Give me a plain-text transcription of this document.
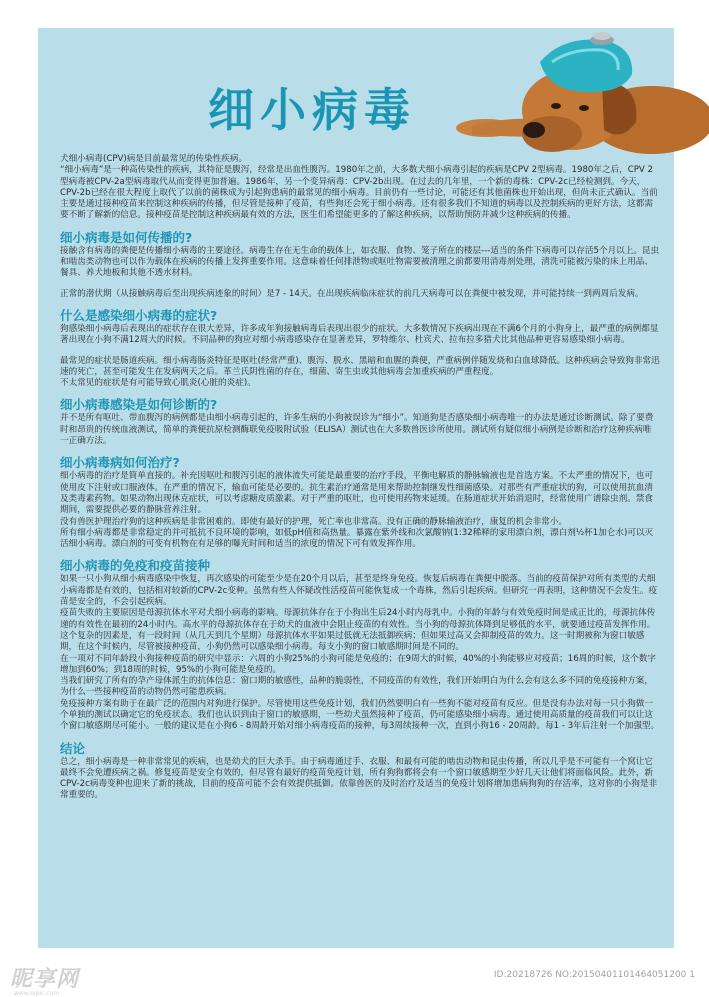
细小病毒

犬细小病毒(CPV)病是目前最常见的传染性疾病。

“细小病毒”是一种高传染性的疾病，其特征是腹泻，经常是出血性腹泻。1980年之前，大多数犬细小病毒引起的疾病是CPV 2型病毒。1980年之后，CPV 2型病毒被CPV-2a型病毒取代从而变得更加普遍。1986年，另一个变异病毒：CPV-2b出现。在过去的几年里，一个新的毒株：CPV-2c已经检测到。今天，CPV-2b已经在很大程度上取代了以前的菌株成为引起狗患病的最常见的细小病毒。目前仍有一些讨论，可能还有其他菌株也开始出现，但尚未正式确认。当前主要是通过接种疫苗来控制这种疾病的传播，但尽管是接种了疫苗，有些狗还会死于细小病毒。还有很多我们不知道的病毒以及控制疾病的更好方法，这都需要不断了解新的信息。接种疫苗是控制这种疾病最有效的方法，医生们希望能更多的了解这种疾病，以帮助预防并减少这种疾病的传播。

细小病毒是如何传播的?

接触含有病毒的粪便是传播细小病毒的主要途径。病毒生存在无生命的载体上，如衣服、食物、笼子所在的楼层---适当的条件下病毒可以存活5个月以上。昆虫和啮齿类动物也可以作为载体在疾病的传播上发挥重要作用。这意味着任何排泄物或呕吐物需要被清理之前都要用消毒剂处理，清洗可能被污染的床上用品、餐具、养犬地板和其他不透水材料。

正常的潜伏期（从接触病毒后至出现疾病迹象的时间）是7 - 14天。在出现疾病临床症状的前几天病毒可以在粪便中被发现，并可能持续一到两周后发病。

什么是感染细小病毒的症状?

狗感染细小病毒后表现出的症状存在很大差异，许多成年狗接触病毒后表现出很少的症状。大多数情况下疾病出现在不满6个月的小狗身上，最严重的病例都显著出现在小狗不满12周大的时候。不同品种的狗应对细小病毒感染存在显著差异，罗特维尔、杜宾犬、拉布拉多猎犬比其他品种更容易感染细小病毒。

最常见的症状是肠道疾病。细小病毒肠炎特征是呕吐(经常严重)、腹泻、脱水、黑暗和血腥的粪便，严重病例伴随发烧和白血球降低。这种疾病会导致狗非常迅速的死亡，甚至可能发生在发病两天之后。革兰氏阴性菌的存在，细菌、寄生虫或其他病毒会加重疾病的严重程度。

不太常见的症状是有可能导致心肌炎(心脏的炎症)。

细小病毒感染是如何诊断的?

并不是所有呕吐、带血腹泻的病例都是由细小病毒引起的，许多生病的小狗被误诊为“细小”。知道狗是否感染细小病毒唯一的办法是通过诊断测试。除了要费时和昂贵的传统血液测试，简单的粪便抗原检测酶联免疫吸附试验（ELISA）测试也在大多数兽医诊所使用。测试所有疑似细小病例是诊断和治疗这种疾病唯一正确方法。

细小病毒病如何治疗?

细小病毒的治疗是简单直接的。补充因呕吐和腹泻引起的液体流失可能是最重要的治疗手段，平衡电解质的静脉输液也是首选方案。不太严重的情况下，也可使用皮下注射或口服液体。在严重的情况下，输血可能是必要的。抗生素治疗通常是用来帮助控制继发性细菌感染。对那些有严重症状的狗，可以使用抗血清及类毒素药物。如果动物出现休克症状，可以考虑糖皮质激素。对于严重的呕吐，也可使用药物来延缓。在肠道症状开始消退时，经常使用广谱除虫剂。禁食期间，需要提供必要的静脉营养注射。

没有兽医护理治疗狗的这种疾病是非常困难的。即使有最好的护理，死亡率也非常高。没有正确的静脉输液治疗，康复的机会非常小。

所有细小病毒都是非常稳定的并可抵抗不良环境的影响，如低pH值和高热量。暴露在紫外线和次氯酸钠(1:32稀释的家用漂白剂，漂白剂½杯1加仑水)可以灭活细小病毒。漂白剂的可变有机物在有足够的曝光时间和适当的浓度的情况下可有效发挥作用。

细小病毒的免疫和疫苗接种

如果一只小狗从细小病毒感染中恢复，再次感染的可能至少是在20个月以后，甚至是终身免疫。恢复后病毒在粪便中脱落。当前的疫苗保护对所有类型的犬细小病毒都是有效的，包括相对较新的CPV-2c变种。虽然有些人怀疑改性活疫苗可能恢复成一个毒株，然后引起疾病。但研究一再表明，这种情况不会发生。疫苗是安全的，不会引起疾病。

疫苗失败的主要原因是母源抗体水平对犬细小病毒的影响。母源抗体存在于小狗出生后24小时内母乳中。小狗的年龄与有效免疫时间是成正比的，母源抗体传递的有效性在最初的24小时内。高水平的母源抗体存在于幼犬的血液中会阻止疫苗的有效性。当小狗的母源抗体降到足够低的水平，就要通过疫苗发挥作用。这个复杂的因素是，有一段时间（从几天到几个星期）母源抗体水平如果过低就无法抵御疾病；但如果过高又会抑制疫苗的效力。这一时期被称为窗口敏感期，在这个时候内，尽管被接种疫苗，小狗仍然可以感染细小病毒。每支小狗的窗口敏感期时间是不同的。

在一项对不同年龄段小狗接种疫苗的研究中显示：六周的小狗25%的小狗可能是免疫的；在9周大的时候，40%的小狗能够应对疫苗；16周的时候，这个数字增加到60%；到18周的时候，95%的小狗可能是免疫的。

当我们研究了所有的孕产母体派生的抗体信息：窗口期的敏感性，品种的脆弱性，不同疫苗的有效性，我们开始明白为什么会有这么多不同的免疫接种方案，为什么一些接种疫苗的动物仍然可能患疾病。

免疫接种方案有助于在最广泛的范围内对狗进行保护。尽管使用这些免疫计划，我们仍然要明白有一些狗不能对疫苗有反应。但是没有办法对每一只小狗做一个单独的测试以确定它的免疫状态。我们也认识到由于窗口的敏感期，一些幼犬虽然接种了疫苗，仍可能感染细小病毒。通过使用高质量的疫苗我们可以让这个窗口敏感期尽可能小。一般的建议是在小狗6 - 8周龄开始对细小病毒疫苗的接种，每3周续接种一次，直到小狗16 - 20周龄。每1 - 3年后注射一个加强型。

结论

总之，细小病毒是一种非常常见的疾病，也是幼犬的巨大杀手。由于病毒通过手、衣服、和最有可能的啮齿动物和昆虫传播，所以几乎是不可能有一个窝让它最终不会免遭疾病之祸。修复疫苗是安全有效的，但尽管有最好的疫苗免疫计划，所有狗狗都将会有一个窗口敏感期至少好几天让他们将面临风险。此外，新CPV-2c病毒变种也迎来了新的挑战，目前的疫苗可能不会有效提供抵御。依靠兽医的及时治疗及适当的免疫计划将增加患病狗狗的存活率，这对你的小狗是非常重要的。

昵享网
www.nipic.com
ID:20218726 NO:20150401101464051200 1
